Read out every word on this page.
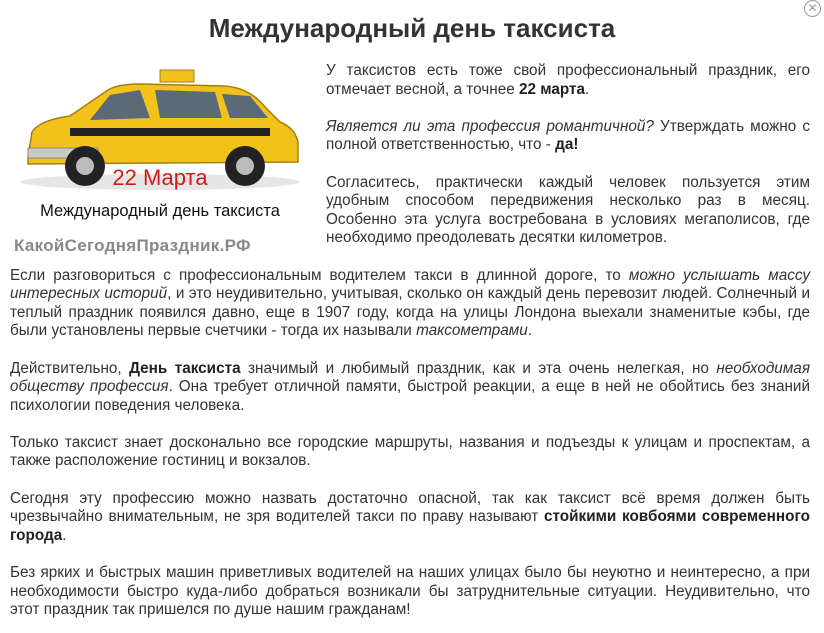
✕
Международный день таксиста
22 Марта
Международный день таксиста
КакойСегодняПраздник.РФ

У таксистов есть тоже свой профессиональный праздник, его отмечает весной, а точнее 22 марта.

Является ли эта профессия романтичной? Утверждать можно с полной ответственностью, что - да!

Согласитесь, практически каждый человек пользуется этим удобным способом передвижения несколько раз в месяц. Особенно эта услуга востребована в условиях мегаполисов, где необходимо преодолевать десятки километров.

Если разговориться с профессиональным водителем такси в длинной дороге, то можно услышать массу интересных историй, и это неудивительно, учитывая, сколько он каждый день перевозит людей. Солнечный и теплый праздник появился давно, еще в 1907 году, когда на улицы Лондона выехали знаменитые кэбы, где были установлены первые счетчики - тогда их называли таксометрами.

Действительно, День таксиста значимый и любимый праздник, как и эта очень нелегкая, но необходимая обществу профессия. Она требует отличной памяти, быстрой реакции, а еще в ней не обойтись без знаний психологии поведения человека.

Только таксист знает досконально все городские маршруты, названия и подъезды к улицам и проспектам, а также расположение гостиниц и вокзалов.

Сегодня эту профессию можно назвать достаточно опасной, так как таксист всё время должен быть чрезвычайно внимательным, не зря водителей такси по праву называют стойкими ковбоями современного города.

Без ярких и быстрых машин приветливых водителей на наших улицах было бы неуютно и неинтересно, а при необходимости быстро куда-либо добраться возникали бы затруднительные ситуации. Неудивительно, что этот праздник так пришелся по душе нашим гражданам!
